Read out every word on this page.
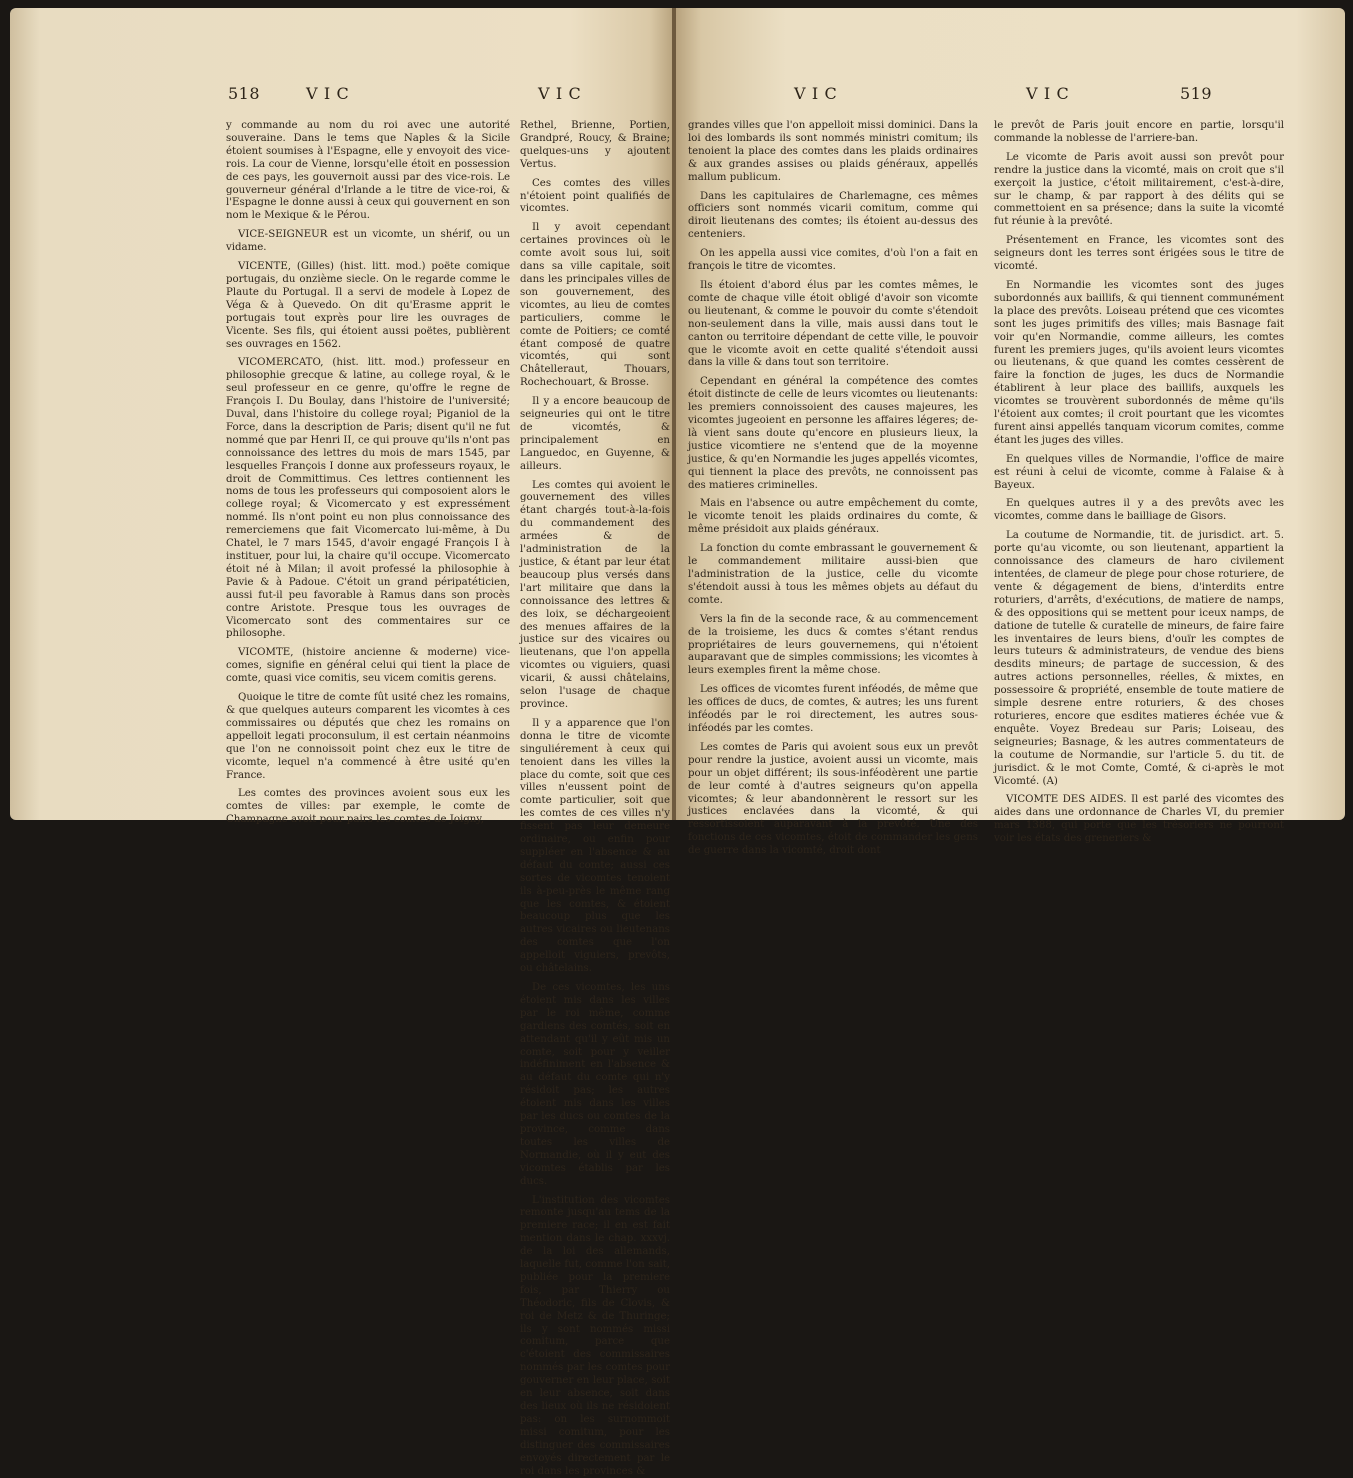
518	V I C	V I C

y commande au nom du roi avec une autorité souveraine. Dans le tems que Naples & la Sicile étoient soumises à l'Espagne, elle y envoyoit des vice-rois. La cour de Vienne, lorsqu'elle étoit en possession de ces pays, les gouvernoit aussi par des vice-rois. Le gouverneur général d'Irlande a le titre de vice-roi, & l'Espagne le donne aussi à ceux qui gouvernent en son nom le Mexique & le Pérou.

VICE-SEIGNEUR est un vicomte, un shérif, ou un vidame.

VICENTE, (Gilles) (hist. litt. mod.) poëte comique portugais, du onzième siecle. On le regarde comme le Plaute du Portugal. Il a servi de modele à Lopez de Véga & à Quevedo. On dit qu'Erasme apprit le portugais tout exprès pour lire les ouvrages de Vicente. Ses fils, qui étoient aussi poëtes, publièrent ses ouvrages en 1562.

VICOMERCATO, (hist. litt. mod.) professeur en philosophie grecque & latine, au college royal, & le seul professeur en ce genre, qu'offre le regne de François I. Du Boulay, dans l'histoire de l'université; Duval, dans l'histoire du college royal; Piganiol de la Force, dans la description de Paris; disent qu'il ne fut nommé que par Henri II, ce qui prouve qu'ils n'ont pas connoissance des lettres du mois de mars 1545, par lesquelles François I donne aux professeurs royaux, le droit de Committimus. Ces lettres contiennent les noms de tous les professeurs qui composoient alors le college royal; & Vicomercato y est expressément nommé. Ils n'ont point eu non plus connoissance des remerciemens que fait Vicomercato lui-même, à Du Chatel, le 7 mars 1545, d'avoir engagé François I à instituer, pour lui, la chaire qu'il occupe. Vicomercato étoit né à Milan; il avoit professé la philosophie à Pavie & à Padoue. C'étoit un grand péripatéticien, aussi fut-il peu favorable à Ramus dans son procès contre Aristote. Presque tous les ouvrages de Vicomercato sont des commentaires sur ce philosophe.

VICOMTE, (histoire ancienne & moderne) vice-comes, signifie en général celui qui tient la place de comte, quasi vice comitis, seu vicem comitis gerens.

Quoique le titre de comte fût usité chez les romains, & que quelques auteurs comparent les vicomtes à ces commissaires ou députés que chez les romains on appelloit legati proconsulum, il est certain néanmoins que l'on ne connoissoit point chez eux le titre de vicomte, lequel n'a commencé à être usité qu'en France.

Les comtes des provinces avoient sous eux les comtes de villes: par exemple, le comte de Champagne avoit pour pairs les comtes de Joigny,

Rethel, Brienne, Portien, Grandpré, Roucy, & Braine; quelques-uns y ajoutent Vertus.

Ces comtes des villes n'étoient point qualifiés de vicomtes.

Il y avoit cependant certaines provinces où le comte avoit sous lui, soit dans sa ville capitale, soit dans les principales villes de son gouvernement, des vicomtes, au lieu de comtes particuliers, comme le comte de Poitiers; ce comté étant composé de quatre vicomtés, qui sont Châtelleraut, Thouars, Rochechouart, & Brosse.

Il y a encore beaucoup de seigneuries qui ont le titre de vicomtés, & principalement en Languedoc, en Guyenne, & ailleurs.

Les comtes qui avoient le gouvernement des villes étant chargés tout-à-la-fois du commandement des armées & de l'administration de la justice, & étant par leur état beaucoup plus versés dans l'art militaire que dans la connoissance des lettres & des loix, se déchargeoient des menues affaires de la justice sur des vicaires ou lieutenans, que l'on appella vicomtes ou viguiers, quasi vicarii, & aussi châtelains, selon l'usage de chaque province.

Il y a apparence que l'on donna le titre de vicomte singuliérement à ceux qui tenoient dans les villes la place du comte, soit que ces villes n'eussent point de comte particulier, soit que les comtes de ces villes n'y fissent pas leur demeure ordinaire, ou enfin pour suppléer en l'absence & au défaut du comte; aussi ces sortes de vicomtes tenoient ils à-peu-près le même rang que les comtes, & étoient beaucoup plus que les autres vicaires ou lieutenans des comtes que l'on appelloit viguiers, prevôts, ou châtelains.

De ces vicomtes, les uns étoient mis dans les villes par le roi même, comme gardiens des comtés, soit en attendant qu'il y eût mis un comte, soit pour y veiller indéfiniment en l'absence & au défaut du comte qui n'y résidoit pas; les autres étoient mis dans les villes par les ducs ou comtes de la province, comme dans toutes les villes de Normandie, où il y eut des vicomtes établis par les ducs.

L'institution des vicomtes remonte jusqu'au tems de la premiere race; il en est fait mention dans le chap. xxxvj. de la loi des allemands, laquelle fut, comme l'on sait, publiée pour la premiere fois, par Thierry ou Théodoric, fils de Clovis, & roi de Metz & de Thuringe; ils y sont nommés missi comitum, parce que c'étoient des commissaires nommés par les comtes pour gouverner en leur place, soit en leur absence, soit dans des lieux où ils ne résidoient pas: on les surnommoit missi comitum, pour les distinguer des commissaires envoyés directement par le roi dans les provinces &

V I C	V I C	519

grandes villes que l'on appelloit missi dominici. Dans la loi des lombards ils sont nommés ministri comitum; ils tenoient la place des comtes dans les plaids ordinaires & aux grandes assises ou plaids généraux, appellés mallum publicum.

Dans les capitulaires de Charlemagne, ces mêmes officiers sont nommés vicarii comitum, comme qui diroit lieutenans des comtes; ils étoient au-dessus des centeniers.

On les appella aussi vice comites, d'où l'on a fait en françois le titre de vicomtes.

Ils étoient d'abord élus par les comtes mêmes, le comte de chaque ville étoit obligé d'avoir son vicomte ou lieutenant, & comme le pouvoir du comte s'étendoit non-seulement dans la ville, mais aussi dans tout le canton ou territoire dépendant de cette ville, le pouvoir que le vicomte avoit en cette qualité s'étendoit aussi dans la ville & dans tout son territoire.

Cependant en général la compétence des comtes étoit distincte de celle de leurs vicomtes ou lieutenants: les premiers connoissoient des causes majeures, les vicomtes jugeoient en personne les affaires légeres; de-là vient sans doute qu'encore en plusieurs lieux, la justice vicomtiere ne s'entend que de la moyenne justice, & qu'en Normandie les juges appellés vicomtes, qui tiennent la place des prevôts, ne connoissent pas des matieres criminelles.

Mais en l'absence ou autre empêchement du comte, le vicomte tenoit les plaids ordinaires du comte, & même présidoit aux plaids généraux.

La fonction du comte embrassant le gouvernement & le commandement militaire aussi-bien que l'administration de la justice, celle du vicomte s'étendoit aussi à tous les mêmes objets au défaut du comte.

Vers la fin de la seconde race, & au commencement de la troisieme, les ducs & comtes s'étant rendus propriétaires de leurs gouvernemens, qui n'étoient auparavant que de simples commissions; les vicomtes à leurs exemples firent la même chose.

Les offices de vicomtes furent inféodés, de même que les offices de ducs, de comtes, & autres; les uns furent inféodés par le roi directement, les autres sous-inféodés par les comtes.

Les comtes de Paris qui avoient sous eux un prevôt pour rendre la justice, avoient aussi un vicomte, mais pour un objet différent; ils sous-inféodèrent une partie de leur comté à d'autres seigneurs qu'on appella vicomtes; & leur abandonnèrent le ressort sur les justices enclavées dans la vicomté, & qui ressortissoient auparavant à la prevôté. Une des fonctions de ces vicomtes, étoit de commander les gens de guerre dans la vicomté, droit dont

le prevôt de Paris jouit encore en partie, lorsqu'il commande la noblesse de l'arriere-ban.

Le vicomte de Paris avoit aussi son prevôt pour rendre la justice dans la vicomté, mais on croit que s'il exerçoit la justice, c'étoit militairement, c'est-à-dire, sur le champ, & par rapport à des délits qui se commettoient en sa présence; dans la suite la vicomté fut réunie à la prevôté.

Présentement en France, les vicomtes sont des seigneurs dont les terres sont érigées sous le titre de vicomté.

En Normandie les vicomtes sont des juges subordonnés aux baillifs, & qui tiennent communément la place des prevôts. Loiseau prétend que ces vicomtes sont les juges primitifs des villes; mais Basnage fait voir qu'en Normandie, comme ailleurs, les comtes furent les premiers juges, qu'ils avoient leurs vicomtes ou lieutenans, & que quand les comtes cessèrent de faire la fonction de juges, les ducs de Normandie établirent à leur place des baillifs, auxquels les vicomtes se trouvèrent subordonnés de même qu'ils l'étoient aux comtes; il croit pourtant que les vicomtes furent ainsi appellés tanquam vicorum comites, comme étant les juges des villes.

En quelques villes de Normandie, l'office de maire est réuni à celui de vicomte, comme à Falaise & à Bayeux.

En quelques autres il y a des prevôts avec les vicomtes, comme dans le bailliage de Gisors.

La coutume de Normandie, tit. de jurisdict. art. 5. porte qu'au vicomte, ou son lieutenant, appartient la connoissance des clameurs de haro civilement intentées, de clameur de plege pour chose roturiere, de vente & dégagement de biens, d'interdits entre roturiers, d'arrêts, d'exécutions, de matiere de namps, & des oppositions qui se mettent pour iceux namps, de datione de tutelle & curatelle de mineurs, de faire faire les inventaires de leurs biens, d'ouïr les comptes de leurs tuteurs & administrateurs, de vendue des biens desdits mineurs; de partage de succession, & des autres actions personnelles, réelles, & mixtes, en possessoire & propriété, ensemble de toute matiere de simple desrene entre roturiers, & des choses roturieres, encore que esdites matieres échée vue & enquête. Voyez Bredeau sur Paris; Loiseau, des seigneuries; Basnage, & les autres commentateurs de la coutume de Normandie, sur l'article 5. du tit. de jurisdict. & le mot Comte, Comté, & ci-après le mot Vicomté. (A)

VICOMTE DES AIDES. Il est parlé des vicomtes des aides dans une ordonnance de Charles VI, du premier mars 1388, qui porte que les trésoriers ne pourront voir les états des greneriers &
